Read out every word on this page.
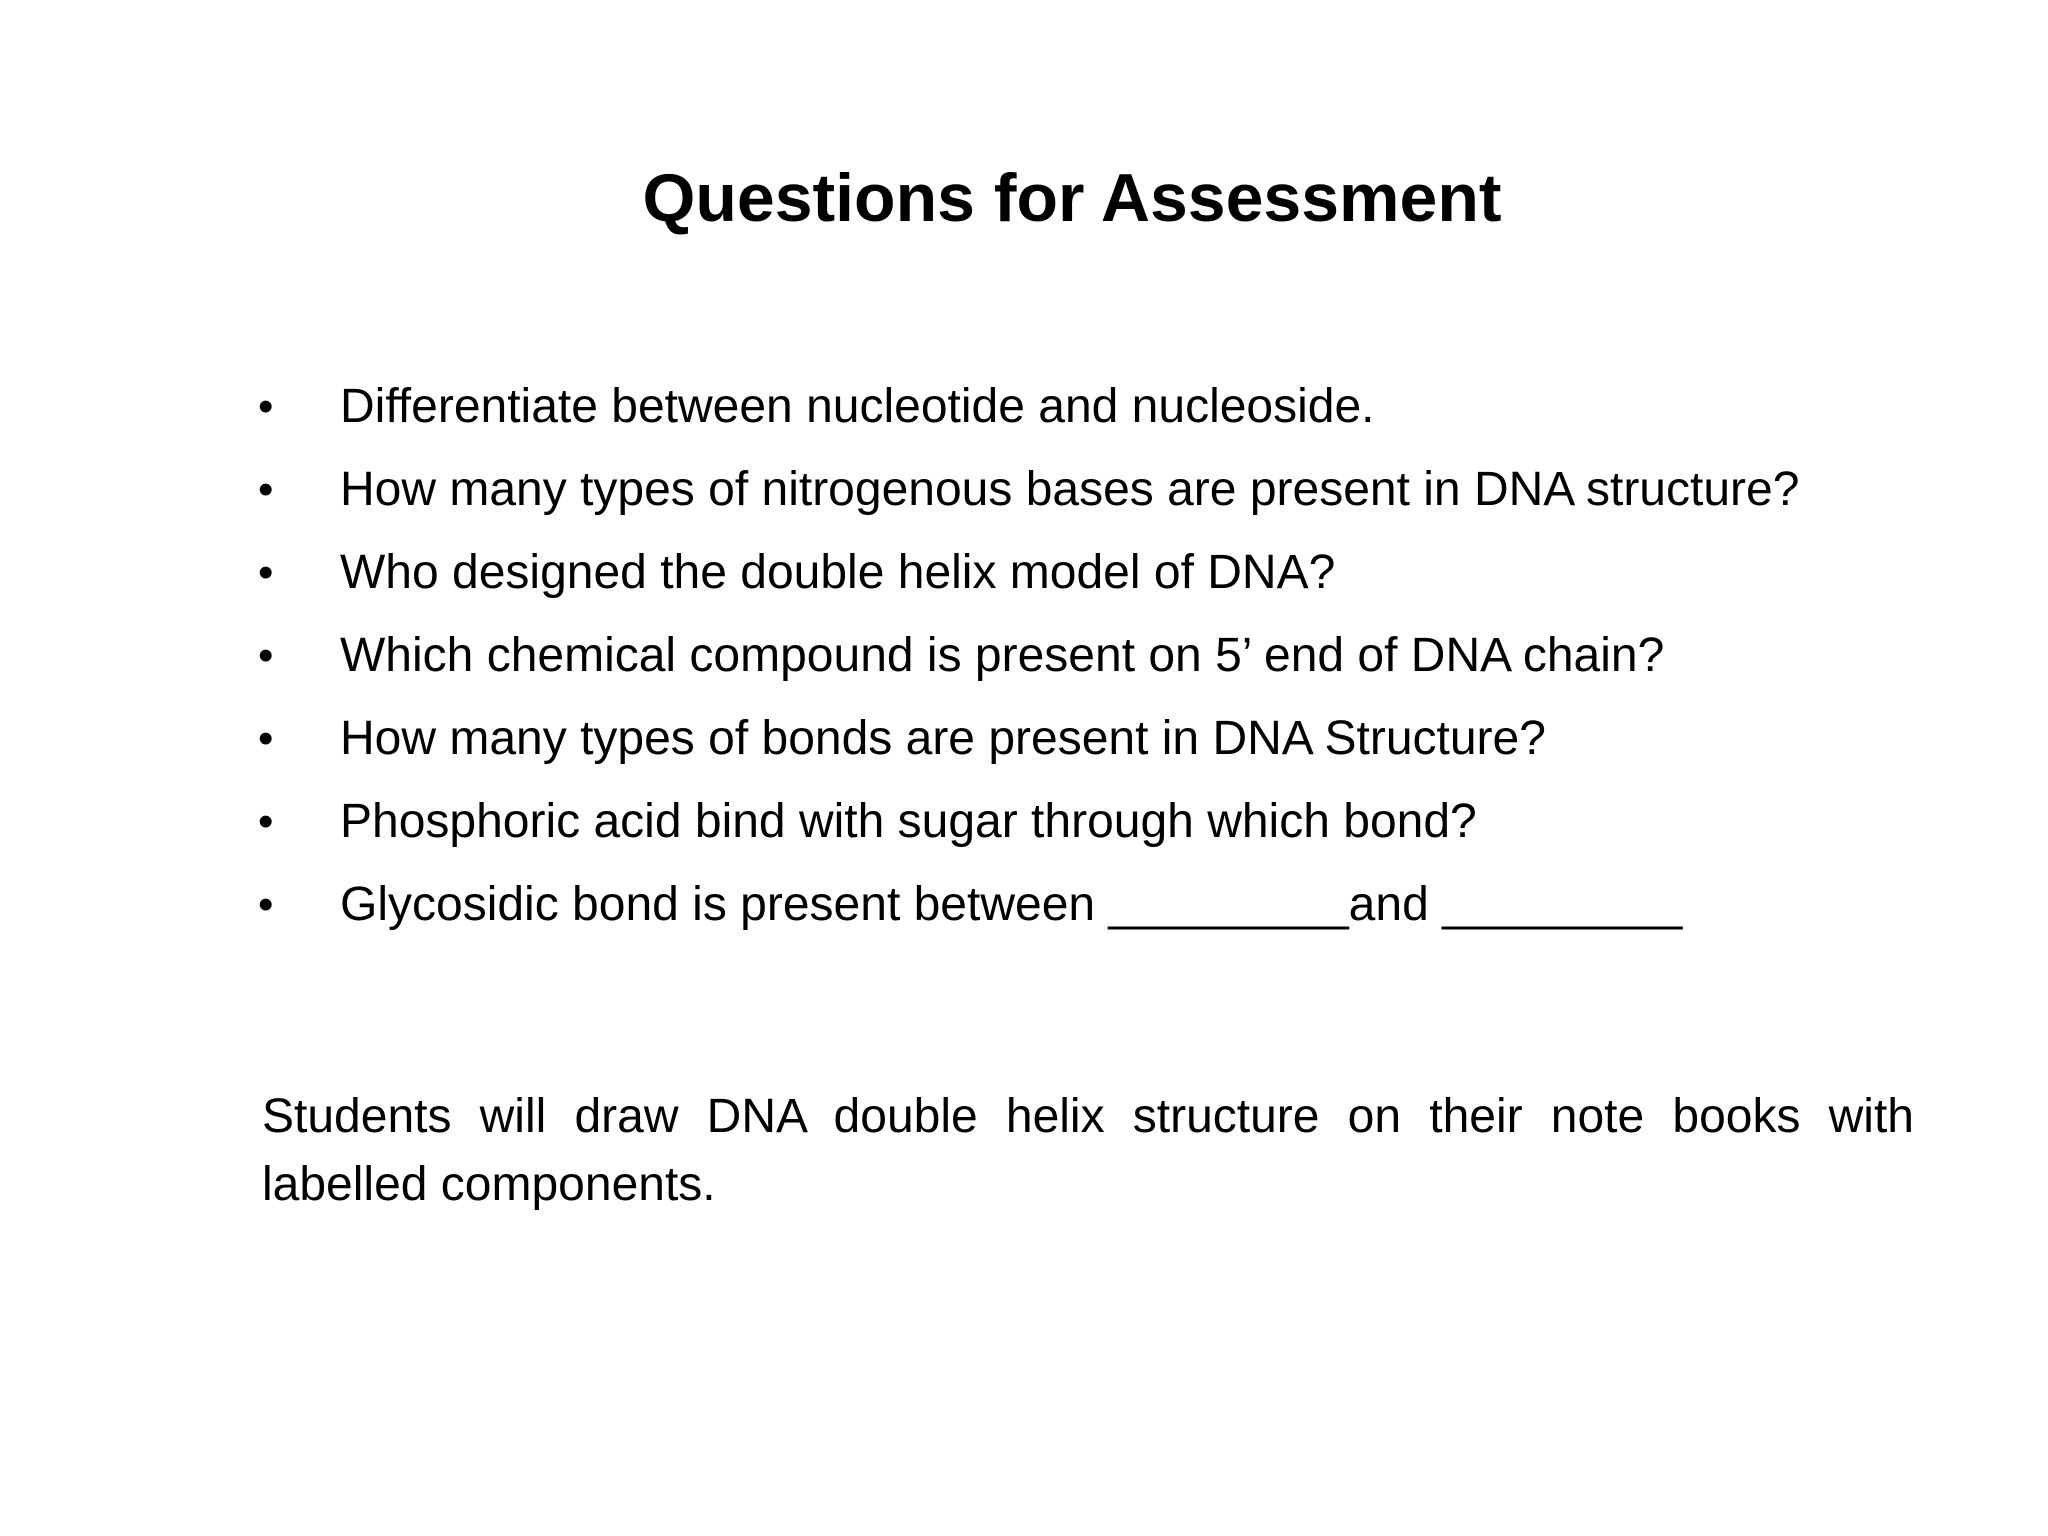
Questions for Assessment
• Differentiate between nucleotide and nucleoside.
• How many types of nitrogenous bases are present in DNA structure?
• Who designed the double helix model of DNA?
• Which chemical compound is present on 5’ end of DNA chain?
• How many types of bonds are present in DNA Structure?
• Phosphoric acid bind with sugar through which bond?
• Glycosidic bond is present between _________and _________

Students will draw DNA double helix structure on their note books with labelled components.
